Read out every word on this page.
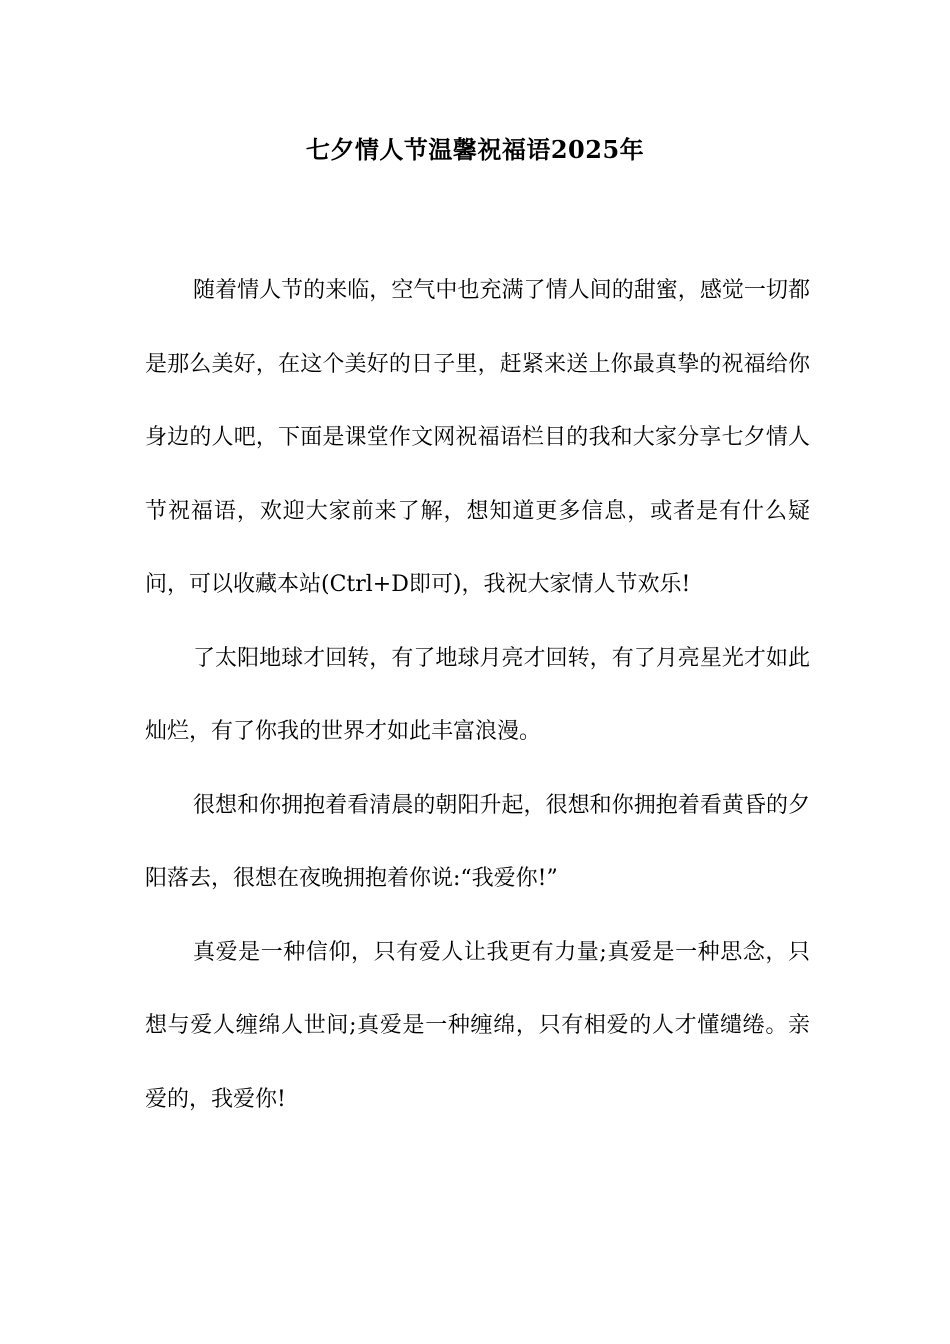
七夕情人节温馨祝福语2025年

随着情人节的来临，空气中也充满了情人间的甜蜜，感觉一切都是那么美好，在这个美好的日子里，赶紧来送上你最真挚的祝福给你身边的人吧，下面是课堂作文网祝福语栏目的我和大家分享七夕情人节祝福语，欢迎大家前来了解，想知道更多信息，或者是有什么疑问，可以收藏本站(Ctrl+D即可)，我祝大家情人节欢乐!

了太阳地球才回转，有了地球月亮才回转，有了月亮星光才如此灿烂，有了你我的世界才如此丰富浪漫。

很想和你拥抱着看清晨的朝阳升起，很想和你拥抱着看黄昏的夕阳落去，很想在夜晚拥抱着你说:“我爱你!”

真爱是一种信仰，只有爱人让我更有力量;真爱是一种思念，只想与爱人缠绵人世间;真爱是一种缠绵，只有相爱的人才懂缱绻。亲爱的，我爱你!
